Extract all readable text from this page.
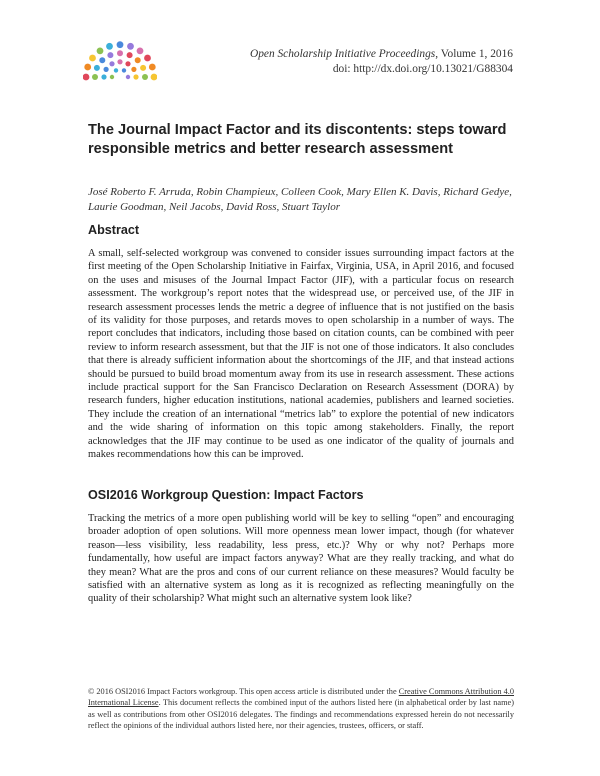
Open Scholarship Initiative Proceedings, Volume 1, 2016
doi: http://dx.doi.org/10.13021/G88304
The Journal Impact Factor and its discontents: steps toward responsible metrics and better research assessment
José Roberto F. Arruda, Robin Champieux, Colleen Cook, Mary Ellen K. Davis, Richard Gedye, Laurie Goodman, Neil Jacobs, David Ross, Stuart Taylor
Abstract

A small, self-selected workgroup was convened to consider issues surrounding impact factors at the first meeting of the Open Scholarship Initiative in Fairfax, Virginia, USA, in April 2016, and focused on the uses and misuses of the Journal Impact Factor (JIF), with a particular focus on research assessment. The workgroup’s report notes that the widespread use, or perceived use, of the JIF in research assessment processes lends the metric a degree of influence that is not justified on the basis of its validity for those purposes, and retards moves to open scholarship in a number of ways. The report concludes that indicators, including those based on citation counts, can be combined with peer review to inform research assessment, but that the JIF is not one of those indicators. It also concludes that there is already sufficient information about the shortcomings of the JIF, and that instead actions should be pursued to build broad momentum away from its use in research assessment. These actions include practical support for the San Francisco Declaration on Research Assessment (DORA) by research funders, higher education institutions, national academies, publishers and learned societies. They include the creation of an international “metrics lab” to explore the potential of new indicators and the wide sharing of information on this topic among stakeholders. Finally, the report acknowledges that the JIF may continue to be used as one indicator of the quality of journals and makes recommendations how this can be improved.

OSI2016 Workgroup Question: Impact Factors

Tracking the metrics of a more open publishing world will be key to selling “open” and encouraging broader adoption of open solutions. Will more openness mean lower impact, though (for whatever reason—less visibility, less readability, less press, etc.)? Why or why not? Perhaps more fundamentally, how useful are impact factors anyway? What are they really tracking, and what do they mean? What are the pros and cons of our current reliance on these measures? Would faculty be satisfied with an alternative system as long as it is recognized as reflecting meaningfully on the quality of their scholarship? What might such an alternative system look like?

© 2016 OSI2016 Impact Factors workgroup. This open access article is distributed under the Creative Commons Attribution 4.0 International License. This document reflects the combined input of the authors listed here (in alphabetical order by last name) as well as contributions from other OSI2016 delegates. The findings and recommendations expressed herein do not necessarily reflect the opinions of the individual authors listed here, nor their agencies, trustees, officers, or staff.
